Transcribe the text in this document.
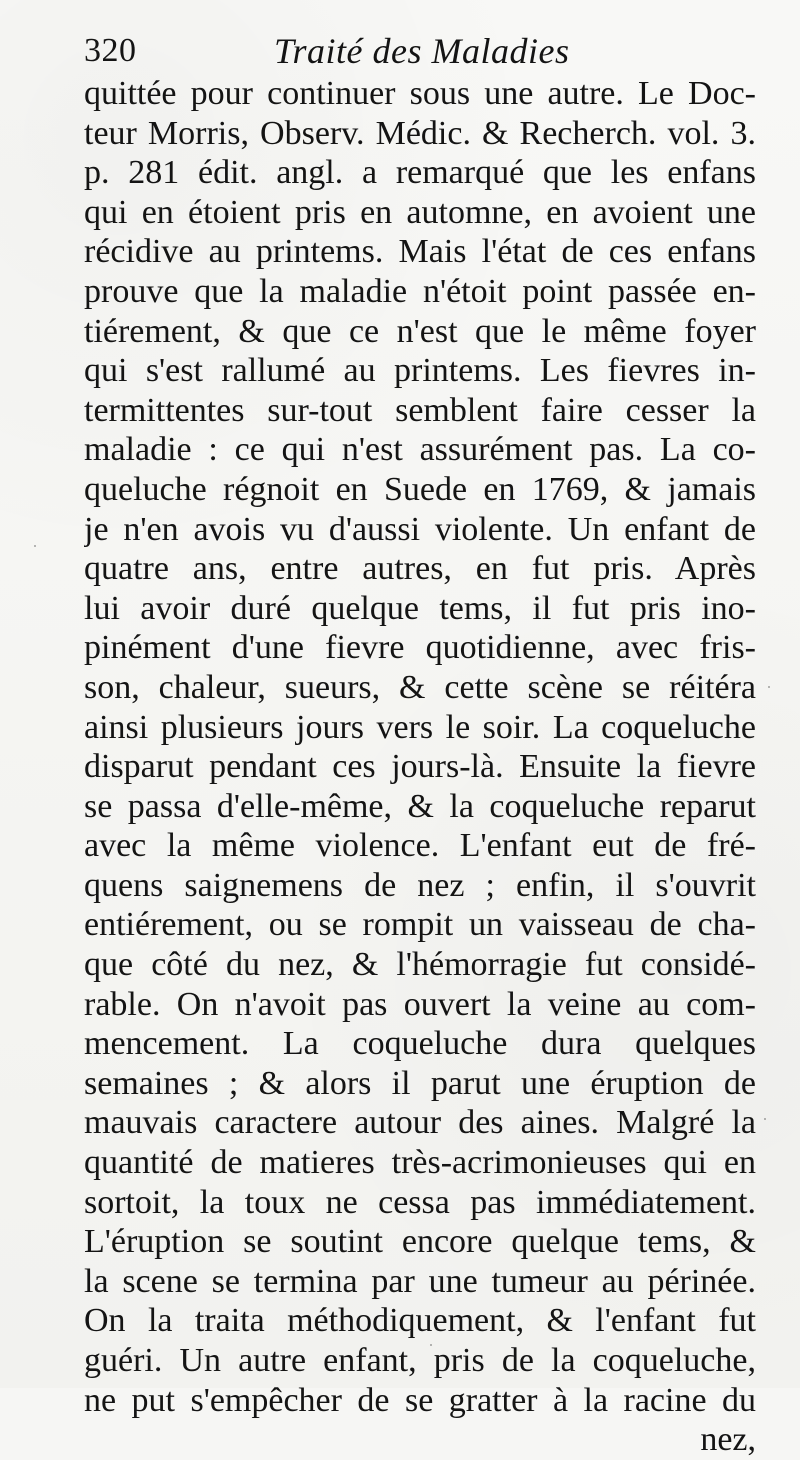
320	Traité des Maladies
quittée pour continuer sous une autre. Le Doc-
teur Morris, Observ. Médic. & Recherch. vol. 3.
p. 281 édit. angl. a remarqué que les enfans
qui en étoient pris en automne, en avoient une
récidive au printems. Mais l'état de ces enfans
prouve que la maladie n'étoit point passée en-
tiérement, & que ce n'est que le même foyer
qui s'est rallumé au printems. Les fievres in-
termittentes sur-tout semblent faire cesser la
maladie : ce qui n'est assurément pas. La co-
queluche régnoit en Suede en 1769, & jamais
je n'en avois vu d'aussi violente. Un enfant de
quatre ans, entre autres, en fut pris. Après
lui avoir duré quelque tems, il fut pris ino-
pinément d'une fievre quotidienne, avec fris-
son, chaleur, sueurs, & cette scène se réitéra
ainsi plusieurs jours vers le soir. La coqueluche
disparut pendant ces jours-là. Ensuite la fievre
se passa d'elle-même, & la coqueluche reparut
avec la même violence. L'enfant eut de fré-
quens saignemens de nez ; enfin, il s'ouvrit
entiérement, ou se rompit un vaisseau de cha-
que côté du nez, & l'hémorragie fut considé-
rable. On n'avoit pas ouvert la veine au com-
mencement. La coqueluche dura quelques
semaines ; & alors il parut une éruption de
mauvais caractere autour des aines. Malgré la
quantité de matieres très-acrimonieuses qui en
sortoit, la toux ne cessa pas immédiatement.
L'éruption se soutint encore quelque tems, &
la scene se termina par une tumeur au périnée.
On la traita méthodiquement, & l'enfant fut
guéri. Un autre enfant, pris de la coqueluche,
ne put s'empêcher de se gratter à la racine du
nez,
